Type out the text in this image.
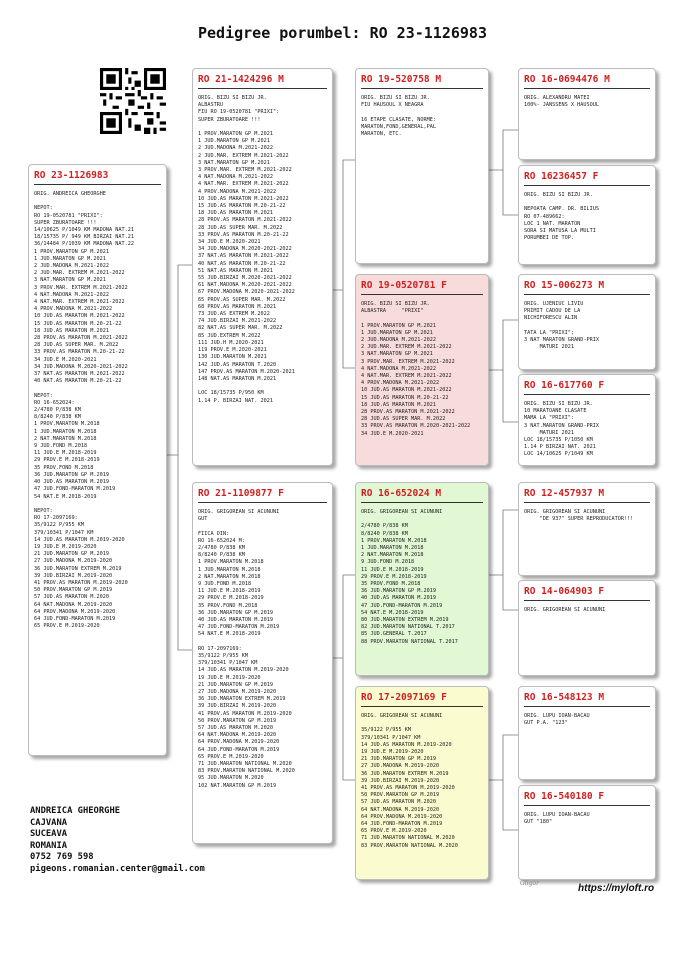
Pedigree porumbel: RO 23-1126983
RO 23-1126983
ORIG. ANDREICA GHEORGHE
NEPOT:
RO 19-0520781 "PRIXI":
SUPER ZBURATOARE !!!
14/10625 P/1049 KM MADONA NAT.21
18/15735 P/ 949 KM BIRZAI NAT.21
36/14484 P/1039 KM MADONA NAT.22
1 PROV.MARATON GP M.2021
1 JUD.MARATON GP M.2021
2 JUD.MADONA M.2021-2022
2 JUD.MAR. EXTREM M.2021-2022
3 NAT.MARATON GP M.2021
3 PROV.MAR. EXTREM M.2021-2022
4 NAT.MADONA M.2021-2022
4 NAT.MAR. EXTREM M.2021-2022
4 PROV.MADONA M.2021-2022
10 JUD.AS MARATON M.2021-2022
15 JUD.AS MARATON M.20-21-22
18 JUD.AS MARATON M.2021
28 PROV.AS MARATON M.2021-2022
28 JUD.AS SUPER MAR. M.2022
33 PROV.AS MARATON M.20-21-22
34 JUD.E M.2020-2021
34 JUD.MADONA M.2020-2021-2022
37 NAT.AS MARATON M.2021-2022
40 NAT.AS MARATON M.20-21-22
NEPOT:
RO 16-652024:
2/4780 P/838 KM
8/8240 P/838 KM
1 PROV.MARATON M.2018
1 JUD.MARATON M.2018
2 NAT.MARATON M.2018
9 JUD.FOND M.2018
11 JUD.E M.2018-2019
29 PROV.E M.2018-2019
35 PROV.FOND M.2018
36 JUD.MARATON GP M.2019
40 JUD.AS MARATON M.2019
47 JUD.FOND-MARATON M.2019
54 NAT.E M.2018-2019
NEPOT:
RO 17-2097169:
35/9122 P/955 KM
379/10341 P/1047 KM
14 JUD.AS MARATON M.2019-2020
19 JUD.E M.2019-2020
21 JUD.MARATON GP M.2019
27 JUD.MADONA M.2019-2020
36 JUD.MARATON EXTREM M.2019
39 JUD.BIRZAI M.2019-2020
41 PROV.AS MARATON M.2019-2020
50 PROV.MARATON GP M.2019
57 JUD.AS MARATON M.2020
64 NAT.MADONA M.2019-2020
64 PROV.MADONA M.2019-2020
64 JUD.FOND-MARATON M.2019
65 PROV.E M.2019-2020
RO 21-1424296 M
ORIG. BIZU SI BIZU JR.
ALBASTRU
FIU RO 19-0520781 "PRIXI":
SUPER ZBURATOARE !!!
1 PROV.MARATON GP M.2021
1 JUD.MARATON GP M.2021
2 JUD.MADONA M.2021-2022
2 JUD.MAR. EXTREM M.2021-2022
3 NAT.MARATON GP M.2021
3 PROV.MAR. EXTREM M.2021-2022
4 NAT.MADONA M.2021-2022
4 NAT.MAR. EXTREM M.2021-2022
4 PROV.MADONA M.2021-2022
10 JUD.AS MARATON M.2021-2022
15 JUD.AS MARATON M.20-21-22
18 JUD.AS MARATON M.2021
28 PROV.AS MARATON M.2021-2022
28 JUD.AS SUPER MAR. M.2022
33 PROV.AS MARATON M.20-21-22
34 JUD.E M.2020-2021
34 JUD.MADONA M.2020-2021-2022
37 NAT.AS MARATON M.2021-2022
40 NAT.AS MARATON M.20-21-22
51 NAT.AS MARATON M.2021
55 JUD.BIRZAI M.2020-2021-2022
61 NAT.MADONA M.2020-2021-2022
67 PROV.MADONA M.2020-2021-2022
65 PROV.AS SUPER MAR. M.2022
68 PROV.AS MARATON M.2021
73 JUD.AS EXTREM M.2022
74 JUD.BIRZAI M.2021-2022
82 NAT.AS SUPER MAR. M.2022
85 JUD.EXTREM M.2022
111 JUD.H M.2020-2021
119 PROV.E M.2020-2021
130 JUD.MARATON M.2021
142 JUD.AS MARATON T.2020
147 PROV.AS MARATON M.2020-2021
148 NAT.AS MARATON M.2021
LOC 18/15735 P/950 KM
1.14 P. BIRZAI NAT. 2021
RO 21-1109877 F
ORIG. GRIGOREAN SI ACUNUNI
GUT
FIICA DIN:
RO 16-652024 M:
2/4780 P/838 KM
8/8240 P/838 KM
1 PROV.MARATON M.2018
1 JUD.MARATON M.2018
2 NAT.MARATON M.2018
9 JUD.FOND M.2018
11 JUD.E M.2018-2019
29 PROV.E M.2018-2019
35 PROV.FOND M.2018
36 JUD.MARATON GP M.2019
40 JUD.AS MARATON M.2019
47 JUD.FOND-MARATON M.2019
54 NAT.E M.2018-2019
RO 17-2097169:
35/9122 P/955 KM
379/10341 P/1047 KM
14 JUD.AS MARATON M.2019-2020
19 JUD.E M.2019-2020
21 JUD.MARATON GP M.2019
27 JUD.MADONA M.2019-2020
36 JUD.MARATON EXTREM M.2019
39 JUD.BIRZAI M.2019-2020
41 PROV.AS MARATON M.2019-2020
50 PROV.MARATON GP M.2019
57 JUD.AS MARATON M.2020
64 NAT.MADONA M.2019-2020
64 PROV.MADONA M.2019-2020
64 JUD.FOND-MARATON M.2019
65 PROV.E M.2019-2020
71 JUD.MARATON NATIONAL M.2020
83 PROV.MARATON NATIONAL M.2020
95 JUD.MARATON M.2020
102 NAT.MARATON GP M.2019
RO 19-520758 M
ORIG. BIZU SI BIZU JR.
FIU HAUSOUL X NEAGRA
16 ETAPE CLASATE, NORME:
MARATON,FOND,GENERAL,PAL
MARATON, ETC.
RO 19-0520781 F
ORIG. BIZU SI BIZU JR.
ALBASTRA     "PRIXI"
1 PROV.MARATON GP M.2021
1 JUD.MARATON GP M.2021
2 JUD.MADONA M.2021-2022
2 JUD.MAR. EXTREM M.2021-2022
3 NAT.MARATON GP M.2021
3 PROV.MAR. EXTREM M.2021-2022
4 NAT.MADONA M.2021-2022
4 NAT.MAR. EXTREM M.2021-2022
4 PROV.MADONA M.2021-2022
10 JUD.AS MARATON M.2021-2022
15 JUD.AS MARATON M.20-21-22
18 JUD.AS MARATON M.2021
28 PROV.AS MARATON M.2021-2022
28 JUD.AS SUPER MAR. M.2022
33 PROV.AS MARATON M.2020-2021-2022
34 JUD.E M.2020-2021
RO 16-652024 M
ORIG. GRIGOREAN SI ACUNUNI
2/4780 P/838 KM
8/8240 P/838 KM
1 PROV.MARATON M.2018
1 JUD.MARATON M.2018
2 NAT.MARATON M.2018
9 JUD.FOND M.2018
11 JUD.E M.2018-2019
29 PROV.E M.2018-2019
35 PROV.FOND M.2018
36 JUD.MARATON GP M.2019
40 JUD.AS MARATON M.2019
47 JUD.FOND-MARATON M.2019
54 NAT.E M.2018-2019
80 JUD.MARATON EXTREM M.2019
82 JUD.MARATON NATIONAL T.2017
85 JUD.GENERAL T.2017
88 PROV.MARATON NATIONAL T.2017
RO 17-2097169 F
ORIG. GRIGOREAN SI ACUNUNI
35/9122 P/955 KM
379/10341 P/1047 KM
14 JUD.AS MARATON M.2019-2020
19 JUD.E M.2019-2020
21 JUD.MARATON GP M.2019
27 JUD.MADONA M.2019-2020
36 JUD.MARATON EXTREM M.2019
39 JUD.BIRZAI M.2019-2020
41 PROV.AS MARATON M.2019-2020
50 PROV.MARATON GP M.2019
57 JUD.AS MARATON M.2020
64 NAT.MADONA M.2019-2020
64 PROV.MADONA M.2019-2020
64 JUD.FOND-MARATON M.2019
65 PROV.E M.2019-2020
71 JUD.MARATON NATIONAL M.2020
83 PROV.MARATON NATIONAL M.2020
RO 16-0694476 M
ORIG. ALEXANDRU MATEI
100%- JANSSENS X HAUSOUL
RO 16236457 F
ORIG. BIZU SI BIZU JR.
NEPOATA CAMP. DR. BILIUS
RO 07-489662:
LOC 1 NAT. MARATON
SORA SI MATUSA LA MULTI
PORUMBEI DE TOP.
RO 15-006273 M
ORIG. UJENIUC LIVIU
PRIMIT CADOU DE LA
NICHIFORESCU ALIN
TATA LA "PRIXI";
3 NAT MARATON GRAND-PRIX
MATURI 2021
RO 16-617760 F
ORIG. BIZU SI BIZU JR.
10 MARATOANE CLASATE
MAMA LA "PRIXI":
3 NAT.MARATON GRAND-PRIX
MATURI 2021
LOC 18/15735 P/1050 KM
1.14 P BIRZAI NAT. 2021
LOC 14/10625 P/1049 KM
RO 12-457937 M
ORIG. GRIGOREAN SI ACUNUNI
"DE 937" SUPER REPRODUCATOR!!!
RO 14-064903 F
ORIG. GRIGOREAN SI ACUNUNI
RO 16-548123 M
ORIG. LUPU IOAN-BACAU
GUT P.A. "123"
RO 16-540180 F
ORIG. LUPU IOAN-BACAU
GUT "180"
ANDREICA GHEORGHE
CAJVANA
SUCEAVA
ROMANIA
0752 769 598
pigeons.romanian.center@gmail.com
Gligor	https://myloft.ro
